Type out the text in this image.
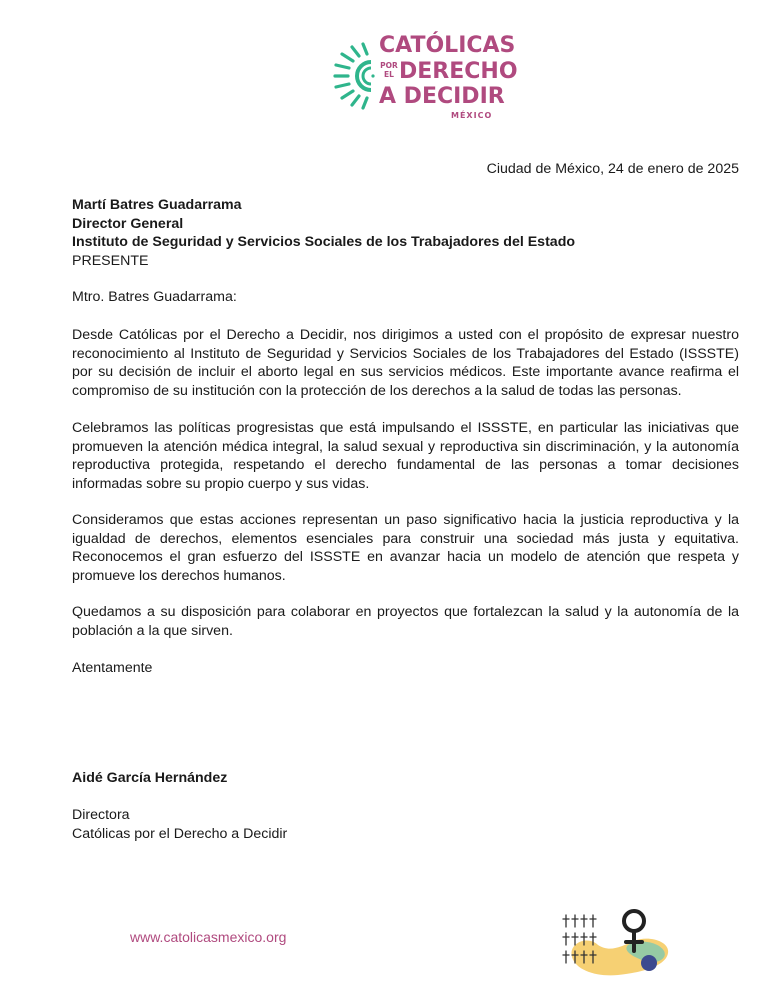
CATÓLICAS
POR
EL DERECHO
A DECIDIR
MÉXICO
Ciudad de México, 24 de enero de 2025
Martí Batres Guadarrama
Director General
Instituto de Seguridad y Servicios Sociales de los Trabajadores del Estado
PRESENTE
Mtro. Batres Guadarrama:

Desde Católicas por el Derecho a Decidir, nos dirigimos a usted con el propósito de expresar nuestro reconocimiento al Instituto de Seguridad y Servicios Sociales de los Trabajadores del Estado (ISSSTE) por su decisión de incluir el aborto legal en sus servicios médicos. Este importante avance reafirma el compromiso de su institución con la protección de los derechos a la salud de todas las personas.

Celebramos las políticas progresistas que está impulsando el ISSSTE, en particular las iniciativas que promueven la atención médica integral, la salud sexual y reproductiva sin discriminación, y la autonomía reproductiva protegida, respetando el derecho fundamental de las personas a tomar decisiones informadas sobre su propio cuerpo y sus vidas.

Consideramos que estas acciones representan un paso significativo hacia la justicia reproductiva y la igualdad de derechos, elementos esenciales para construir una sociedad más justa y equitativa. Reconocemos el gran esfuerzo del ISSSTE en avanzar hacia un modelo de atención que respeta y promueve los derechos humanos.

Quedamos a su disposición para colaborar en proyectos que fortalezcan la salud y la autonomía de la población a la que sirven.

Atentamente
Aidé García Hernández
Directora
Católicas por el Derecho a Decidir
www.catolicasmexico.org
